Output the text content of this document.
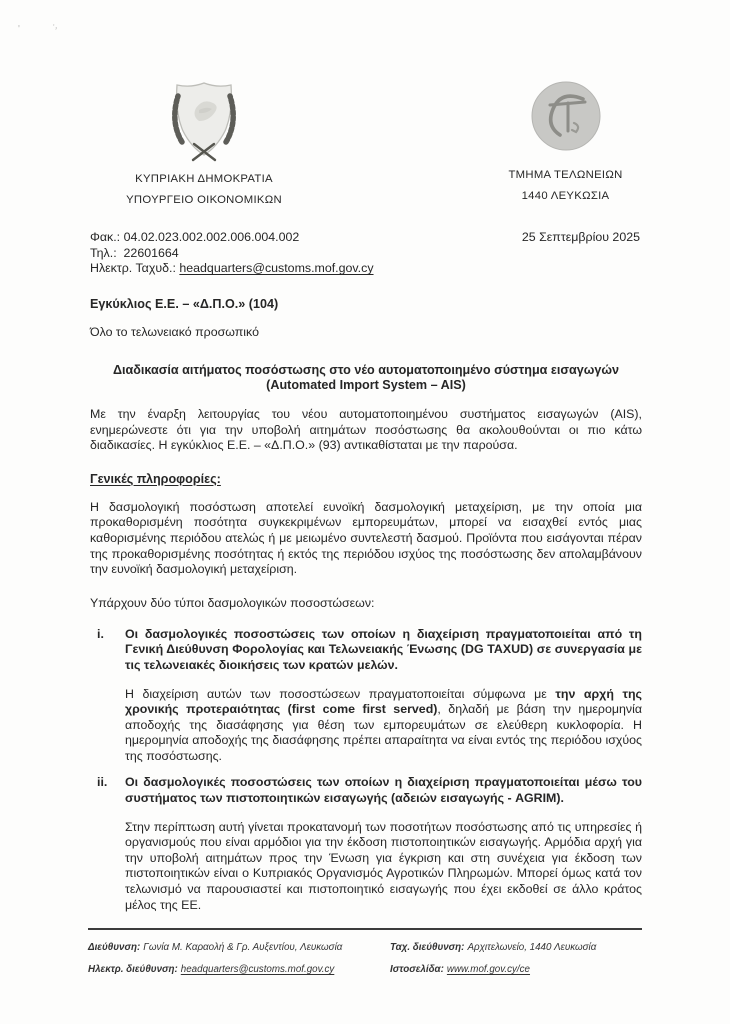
'	·,
ΚΥΠΡΙΑΚΗ ΔΗΜΟΚΡΑΤΙΑ
ΥΠΟΥΡΓΕΙΟ ΟΙΚΟΝΟΜΙΚΩΝ
ΤΜΗΜΑ ΤΕΛΩΝΕΙΩΝ
1440 ΛΕΥΚΩΣΙΑ
Φακ.: 04.02.023.002.002.006.004.002
Τηλ.: 22601664
Ηλεκτρ. Ταχυδ.: headquarters@customs.mof.gov.cy
25 Σεπτεμβρίου 2025
Εγκύκλιος Ε.Ε. – «Δ.Π.Ο.» (104)
Όλο το τελωνειακό προσωπικό
Διαδικασία αιτήματος ποσόστωσης στο νέο αυτοματοποιημένο σύστημα εισαγωγών
(Automated Import System – AIS)

Με την έναρξη λειτουργίας του νέου αυτοματοποιημένου συστήματος εισαγωγών (AIS), ενημερώνεστε ότι για την υποβολή αιτημάτων ποσόστωσης θα ακολουθούνται οι πιο κάτω διαδικασίες. Η εγκύκλιος Ε.Ε. – «Δ.Π.Ο.» (93) αντικαθίσταται με την παρούσα.

Γενικές πληροφορίες:

Η δασμολογική ποσόστωση αποτελεί ευνοϊκή δασμολογική μεταχείριση, με την οποία μια προκαθορισμένη ποσότητα συγκεκριμένων εμπορευμάτων, μπορεί να εισαχθεί εντός μιας καθορισμένης περιόδου ατελώς ή με μειωμένο συντελεστή δασμού. Προϊόντα που εισάγονται πέραν της προκαθορισμένης ποσότητας ή εκτός της περιόδου ισχύος της ποσόστωσης δεν απολαμβάνουν την ευνοϊκή δασμολογική μεταχείριση.

Υπάρχουν δύο τύποι δασμολογικών ποσοστώσεων:
i.	Οι δασμολογικές ποσοστώσεις των οποίων η διαχείριση πραγματοποιείται από τη Γενική Διεύθυνση Φορολογίας και Τελωνειακής Ένωσης (DG TAXUD) σε συνεργασία με τις τελωνειακές διοικήσεις των κρατών μελών.

Η διαχείριση αυτών των ποσοστώσεων πραγματοποιείται σύμφωνα με την αρχή της χρονικής προτεραιότητας (first come first served), δηλαδή με βάση την ημερομηνία αποδοχής της διασάφησης για θέση των εμπορευμάτων σε ελεύθερη κυκλοφορία. Η ημερομηνία αποδοχής της διασάφησης πρέπει απαραίτητα να είναι εντός της περιόδου ισχύος της ποσόστωσης.

ii.	Οι δασμολογικές ποσοστώσεις των οποίων η διαχείριση πραγματοποιείται μέσω του συστήματος των πιστοποιητικών εισαγωγής (αδειών εισαγωγής - AGRIM).

Στην περίπτωση αυτή γίνεται προκατανομή των ποσοτήτων ποσόστωσης από τις υπηρεσίες ή οργανισμούς που είναι αρμόδιοι για την έκδοση πιστοποιητικών εισαγωγής. Αρμόδια αρχή για την υποβολή αιτημάτων προς την Ένωση για έγκριση και στη συνέχεια για έκδοση των πιστοποιητικών είναι ο Κυπριακός Οργανισμός Αγροτικών Πληρωμών. Μπορεί όμως κατά τον τελωνισμό να παρουσιαστεί και πιστοποιητικό εισαγωγής που έχει εκδοθεί σε άλλο κράτος μέλος της ΕΕ.

Διεύθυνση: Γωνία Μ. Καραολή & Γρ. Αυξεντίου, Λευκωσία
Ηλεκτρ. διεύθυνση: headquarters@customs.mof.gov.cy
Ταχ. διεύθυνση: Αρχιτελωνείο, 1440 Λευκωσία
Ιστοσελίδα: www.mof.gov.cy/ce
